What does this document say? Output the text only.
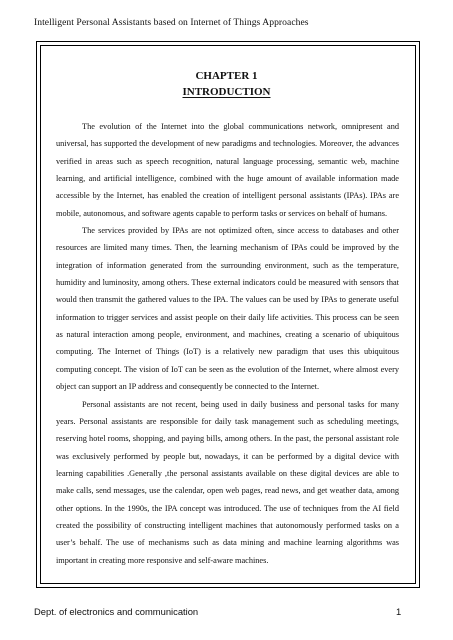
Intelligent Personal Assistants based on Internet of Things Approaches
CHAPTER 1
INTRODUCTION

The evolution of the Internet into the global communications network, omnipresent and universal, has supported the development of new paradigms and technologies. Moreover, the advances verified in areas such as speech recognition, natural language processing, semantic web, machine learning, and artificial intelligence, combined with the huge amount of available information made accessible by the Internet, has enabled the creation of intelligent personal assistants (IPAs). IPAs are mobile, autonomous, and software agents capable to perform tasks or services on behalf of humans.

The services provided by IPAs are not optimized often, since access to databases and other resources are limited many times. Then, the learning mechanism of IPAs could be improved by the integration of information generated from the surrounding environment, such as the temperature, humidity and luminosity, among others. These external indicators could be measured with sensors that would then transmit the gathered values to the IPA. The values can be used by IPAs to generate useful information to trigger services and assist people on their daily life activities. This process can be seen as natural interaction among people, environment, and machines, creating a scenario of ubiquitous computing. The Internet of Things (IoT) is a relatively new paradigm that uses this ubiquitous computing concept. The vision of IoT can be seen as the evolution of the Internet, where almost every object can support an IP address and consequently be connected to the Internet.

Personal assistants are not recent, being used in daily business and personal tasks for many years. Personal assistants are responsible for daily task management such as scheduling meetings, reserving hotel rooms, shopping, and paying bills, among others. In the past, the personal assistant role was exclusively performed by people but, nowadays, it can be performed by a digital device with learning capabilities .Generally ,the personal assistants available on these digital devices are able to make calls, send messages, use the calendar, open web pages, read news, and get weather data, among other options. In the 1990s, the IPA concept was introduced. The use of techniques from the AI field created the possibility of constructing intelligent machines that autonomously performed tasks on a user’s behalf. The use of mechanisms such as data mining and machine learning algorithms was important in creating more responsive and self-aware machines.

Dept. of electronics and communication	1
